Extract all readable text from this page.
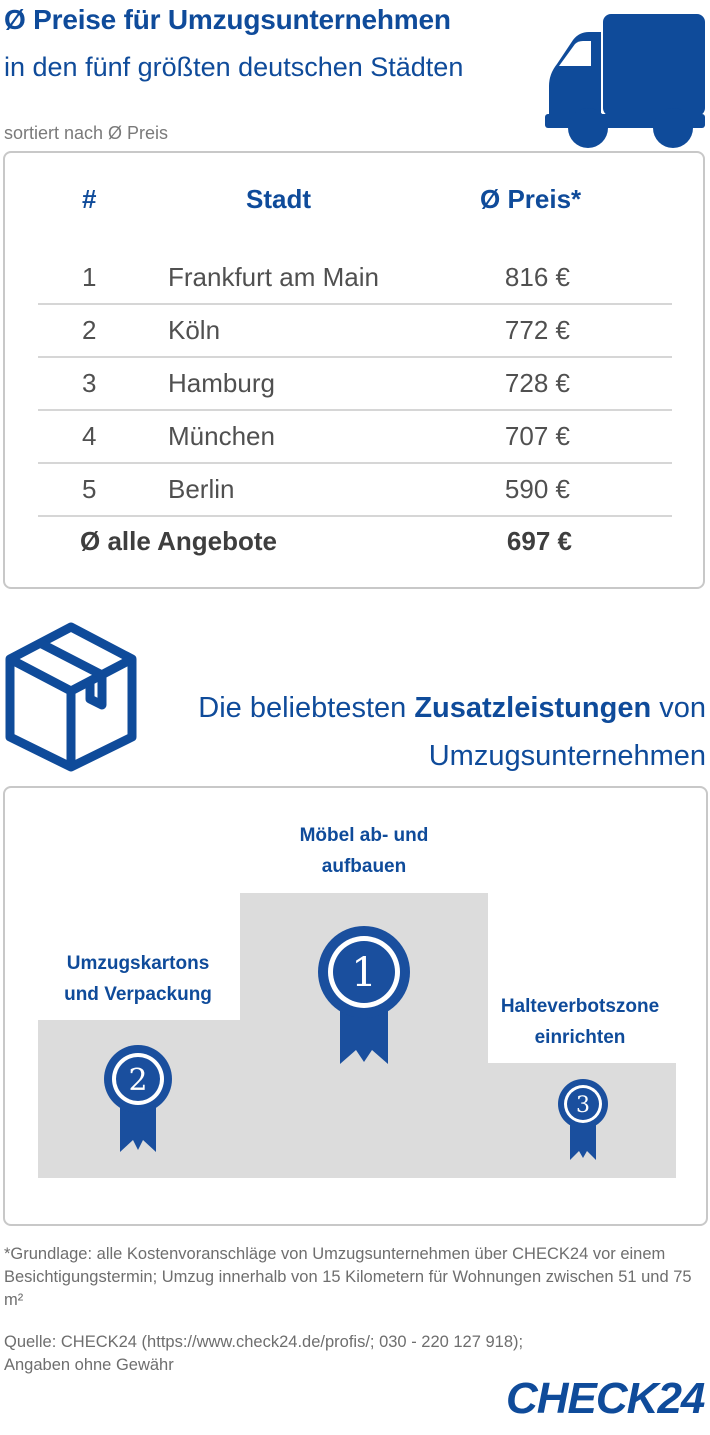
Ø Preise für Umzugsunternehmen
in den fünf größten deutschen Städten
sortiert nach Ø Preis
#	Stadt	Ø Preis*
1	Frankfurt am Main	816 €
2	Köln	772 €
3	Hamburg	728 €
4	München	707 €
5	Berlin	590 €
Ø alle Angebote	697 €
Die beliebtesten Zusatzleistungen von
Umzugsunternehmen
Möbel ab- und
aufbauen
Umzugskartons
und Verpackung
Halteverbotszone
einrichten
1
2
3
*Grundlage: alle Kostenvoranschläge von Umzugsunternehmen über CHECK24 vor einem Besichtigungstermin; Umzug innerhalb von 15 Kilometern für Wohnungen zwischen 51 und 75 m²
Quelle: CHECK24 (https://www.check24.de/profis/; 030 - 220 127 918);
Angaben ohne Gewähr
CHECK24
